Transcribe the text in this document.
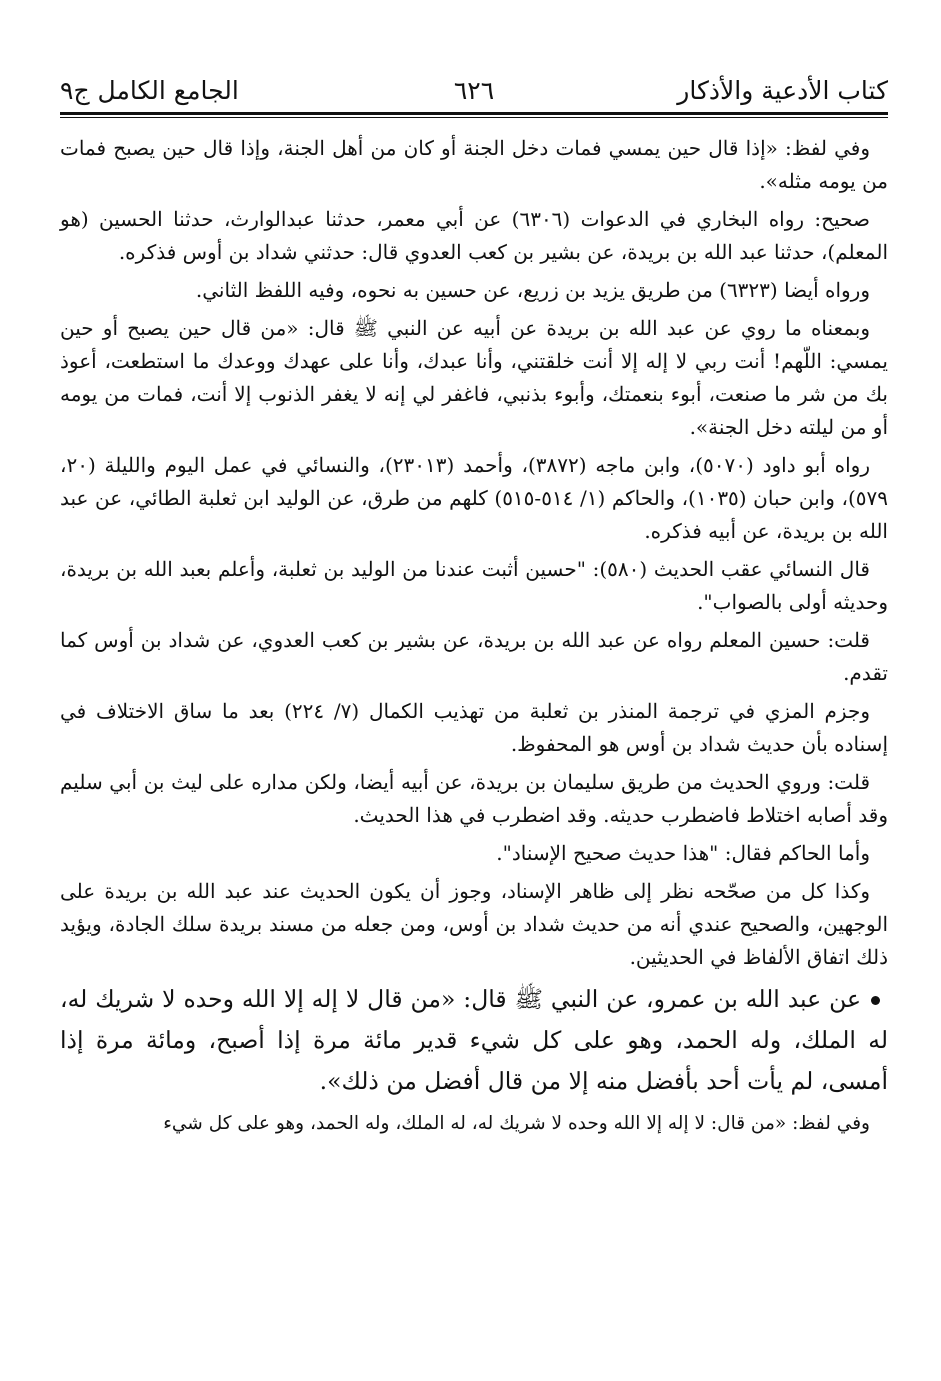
كتاب الأدعية والأذكار
٦٢٦
الجامع الكامل ج٩

وفي لفظ: «إذا قال حين يمسي فمات دخل الجنة أو كان من أهل الجنة، وإذا قال حين يصبح فمات من يومه مثله».

صحيح: رواه البخاري في الدعوات (٦٣٠٦) عن أبي معمر، حدثنا عبدالوارث، حدثنا الحسين (هو المعلم)، حدثنا عبد الله بن بريدة، عن بشير بن كعب العدوي قال: حدثني شداد بن أوس فذكره.

ورواه أيضا (٦٣٢٣) من طريق يزيد بن زريع، عن حسين به نحوه، وفيه اللفظ الثاني.

وبمعناه ما روي عن عبد الله بن بريدة عن أبيه عن النبي ﷺ قال: «من قال حين يصبح أو حين يمسي: اللّهم! أنت ربي لا إله إلا أنت خلقتني، وأنا عبدك، وأنا على عهدك ووعدك ما استطعت، أعوذ بك من شر ما صنعت، أبوء بنعمتك، وأبوء بذنبي، فاغفر لي إنه لا يغفر الذنوب إلا أنت، فمات من يومه أو من ليلته دخل الجنة».

رواه أبو داود (٥٠٧٠)، وابن ماجه (٣٨٧٢)، وأحمد (٢٣٠١٣)، والنسائي في عمل اليوم والليلة (٢٠، ٥٧٩)، وابن حبان (١٠٣٥)، والحاكم (١/ ٥١٤-٥١٥) كلهم من طرق، عن الوليد ابن ثعلبة الطائي، عن عبد الله بن بريدة، عن أبيه فذكره.

قال النسائي عقب الحديث (٥٨٠): "حسين أثبت عندنا من الوليد بن ثعلبة، وأعلم بعبد الله بن بريدة، وحديثه أولى بالصواب".

قلت: حسين المعلم رواه عن عبد الله بن بريدة، عن بشير بن كعب العدوي، عن شداد بن أوس كما تقدم.

وجزم المزي في ترجمة المنذر بن ثعلبة من تهذيب الكمال (٧/ ٢٢٤) بعد ما ساق الاختلاف في إسناده بأن حديث شداد بن أوس هو المحفوظ.

قلت: وروي الحديث من طريق سليمان بن بريدة، عن أبيه أيضا، ولكن مداره على ليث بن أبي سليم وقد أصابه اختلاط فاضطرب حديثه. وقد اضطرب في هذا الحديث.

وأما الحاكم فقال: "هذا حديث صحيح الإسناد".

وكذا كل من صحّحه نظر إلى ظاهر الإسناد، وجوز أن يكون الحديث عند عبد الله بن بريدة على الوجهين، والصحيح عندي أنه من حديث شداد بن أوس، ومن جعله من مسند بريدة سلك الجادة، ويؤيد ذلك اتفاق الألفاظ في الحديثين.

عن عبد الله بن عمرو، عن النبي ﷺ قال: «من قال لا إله إلا الله وحده لا شريك له، له الملك، وله الحمد، وهو على كل شيء قدير مائة مرة إذا أصبح، ومائة مرة إذا أمسى، لم يأت أحد بأفضل منه إلا من قال أفضل من ذلك».

وفي لفظ: «من قال: لا إله إلا الله وحده لا شريك له، له الملك، وله الحمد، وهو على كل شيء
